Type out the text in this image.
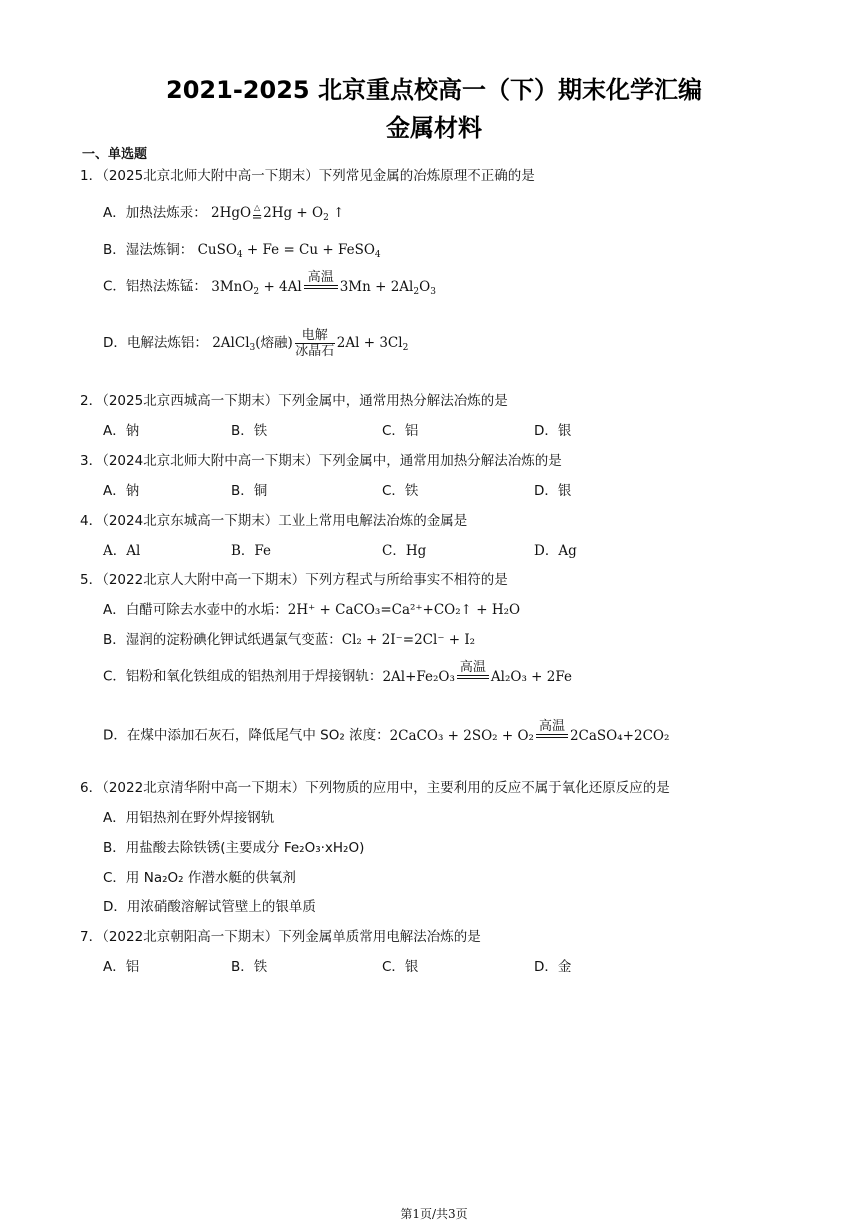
2021-2025 北京重点校高一（下）期末化学汇编
金属材料
一、单选题
1．（2025北京北师大附中高一下期末）下列常见金属的冶炼原理不正确的是
A．加热法炼汞： 2HgO △
= $2Hg + O_2$ ↑
B．湿法炼铜： CuSO$_4$ + Fe = Cu + FeSO$_4$
C．铝热法炼锰： 3MnO$_2$ + 4Al
高温

$3Mn + 2Al_2O_3$
D．电解法炼铝： 2AlCl$_3$(熔融) 电解
冰晶石
$2Al + 3Cl_2$
2．（2025北京西城高一下期末）下列金属中，通常用热分解法冶炼的是
A．钠	B．铁	C．铝	D．银
3．（2024北京北师大附中高一下期末）下列金属中，通常用加热分解法冶炼的是
A．钠	B．铜	C．铁	D．银
4．（2024北京东城高一下期末）工业上常用电解法冶炼的金属是
A．Al	B．Fe	C．Hg	D．Ag
5．（2022北京人大附中高一下期末）下列方程式与所给事实不相符的是
A．白醋可除去水壶中的水垢：2H⁺ + CaCO₃=Ca²⁺+CO₂↑ + H₂O
B．湿润的淀粉碘化钾试纸遇氯气变蓝：Cl₂ + 2I⁻=2Cl⁻ + I₂
C．铝粉和氧化铁组成的铝热剂用于焊接钢轨：2Al+Fe₂O₃
高温

Al₂O₃ + 2Fe
D．在煤中添加石灰石，降低尾气中 SO₂ 浓度：2CaCO₃ + 2SO₂ + O₂
高温

2CaSO₄+2CO₂
6．（2022北京清华附中高一下期末）下列物质的应用中，主要利用的反应不属于氧化还原反应的是
A．用铝热剂在野外焊接钢轨
B．用盐酸去除铁锈(主要成分 Fe₂O₃·xH₂O)
C．用 Na₂O₂ 作潜水艇的供氧剂
D．用浓硝酸溶解试管壁上的银单质
7．（2022北京朝阳高一下期末）下列金属单质常用电解法冶炼的是
A．铝	B．铁	C．银	D．金
第1页/共3页
